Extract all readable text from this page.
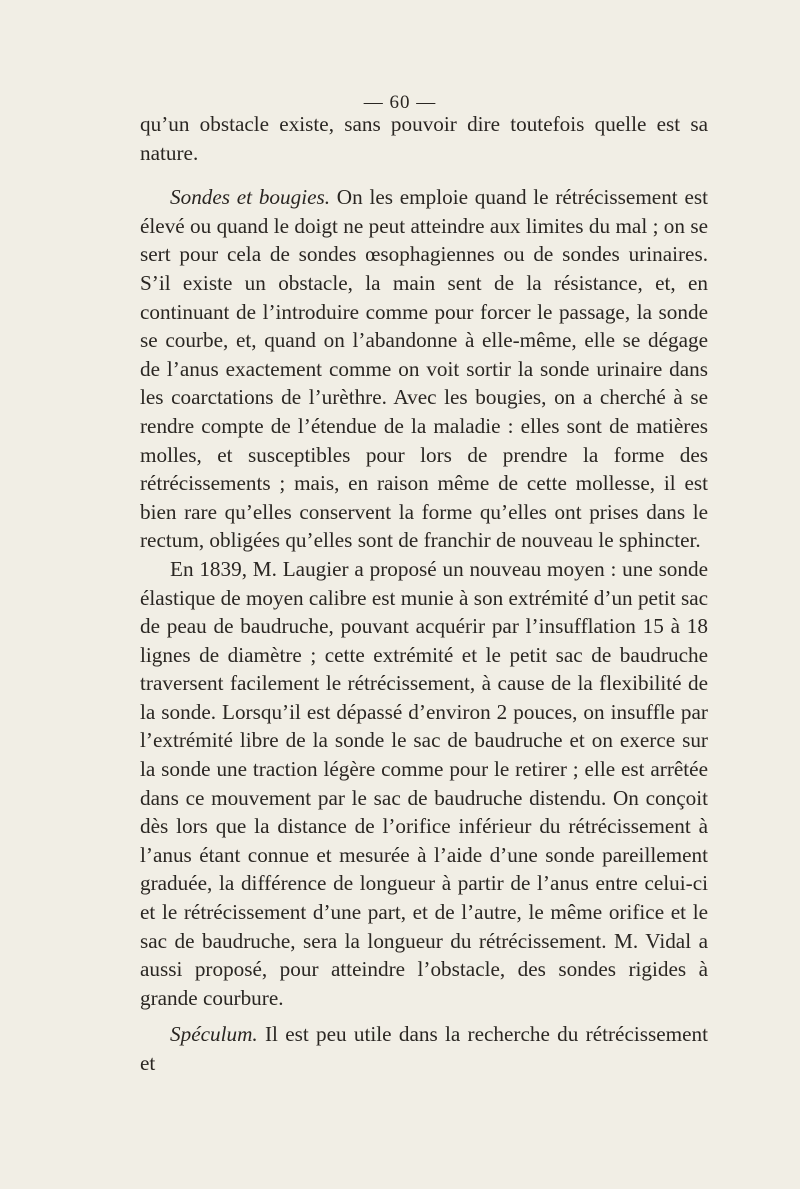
— 60 —

qu’un obstacle existe, sans pouvoir dire toutefois quelle est sa nature.

Sondes et bougies. On les emploie quand le rétrécissement est élevé ou quand le doigt ne peut atteindre aux limites du mal ; on se sert pour cela de sondes œsophagiennes ou de sondes urinaires. S’il existe un obstacle, la main sent de la résistance, et, en continuant de l’introduire comme pour forcer le passage, la sonde se courbe, et, quand on l’abandonne à elle-même, elle se dégage de l’anus exactement comme on voit sortir la sonde urinaire dans les coarctations de l’urèthre. Avec les bougies, on a cherché à se rendre compte de l’étendue de la maladie : elles sont de matières molles, et susceptibles pour lors de prendre la forme des rétrécissements ; mais, en raison même de cette mollesse, il est bien rare qu’elles conservent la forme qu’elles ont prises dans le rectum, obligées qu’elles sont de franchir de nouveau le sphincter.

En 1839, M. Laugier a proposé un nouveau moyen : une sonde élastique de moyen calibre est munie à son extrémité d’un petit sac de peau de baudruche, pouvant acquérir par l’insufflation 15 à 18 lignes de diamètre ; cette extrémité et le petit sac de baudruche traversent facilement le rétrécissement, à cause de la flexibilité de la sonde. Lorsqu’il est dépassé d’environ 2 pouces, on insuffle par l’extrémité libre de la sonde le sac de baudruche et on exerce sur la sonde une traction légère comme pour le retirer ; elle est arrêtée dans ce mouvement par le sac de baudruche distendu. On conçoit dès lors que la distance de l’orifice inférieur du rétrécissement à l’anus étant connue et mesurée à l’aide d’une sonde pareillement graduée, la différence de longueur à partir de l’anus entre celui-ci et le rétrécissement d’une part, et de l’autre, le même orifice et le sac de baudruche, sera la longueur du rétrécissement. M. Vidal a aussi proposé, pour atteindre l’obstacle, des sondes rigides à grande courbure.

Spéculum. Il est peu utile dans la recherche du rétrécissement et
